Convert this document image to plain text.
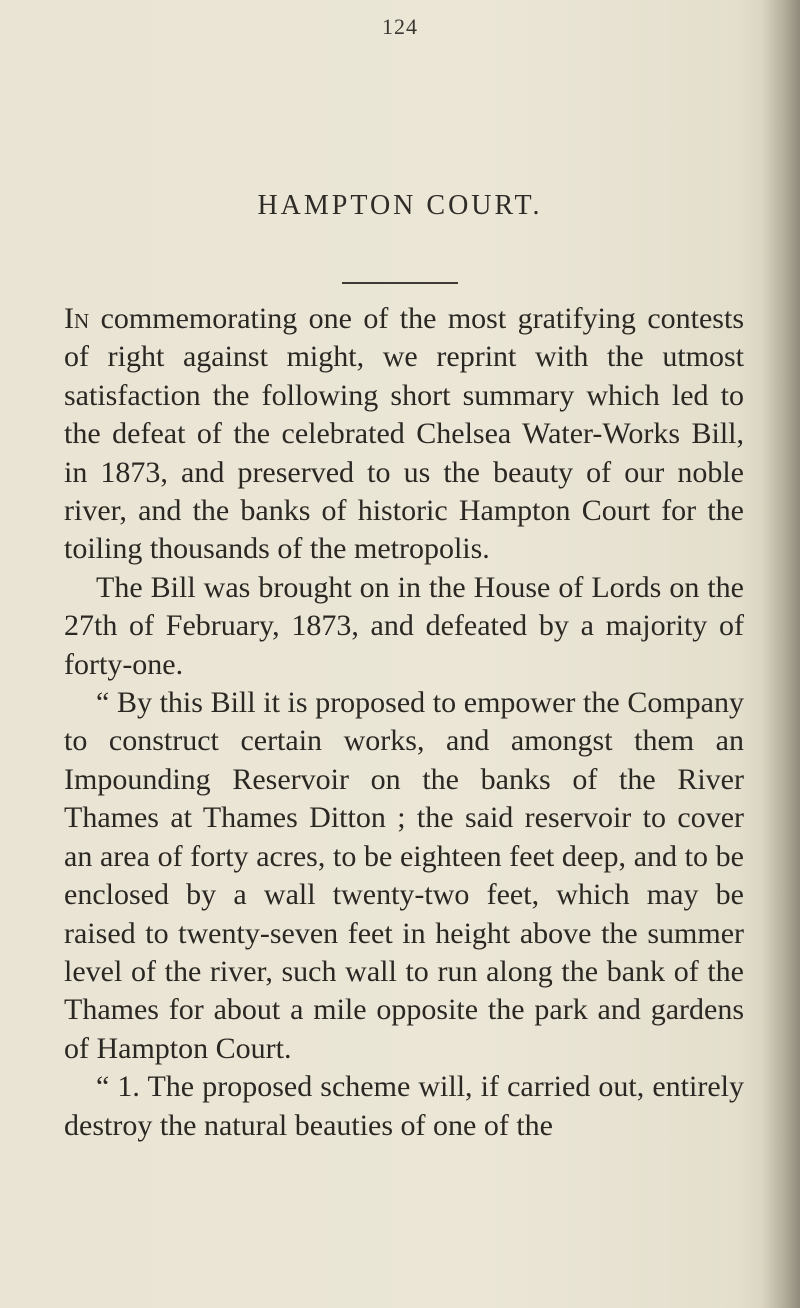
124
HAMPTON COURT.

In commemorating one of the most gratifying contests of right against might, we reprint with the utmost satisfaction the following short summary which led to the defeat of the celebrated Chelsea Water-Works Bill, in 1873, and preserved to us the beauty of our noble river, and the banks of historic Hampton Court for the toiling thousands of the metropolis.

The Bill was brought on in the House of Lords on the 27th of February, 1873, and defeated by a majority of forty-one.

“ By this Bill it is proposed to empower the Company to construct certain works, and amongst them an Impounding Reservoir on the banks of the River Thames at Thames Ditton ; the said reservoir to cover an area of forty acres, to be eighteen feet deep, and to be enclosed by a wall twenty-two feet, which may be raised to twenty-seven feet in height above the summer level of the river, such wall to run along the bank of the Thames for about a mile opposite the park and gardens of Hampton Court.

“ 1. The proposed scheme will, if carried out, entirely destroy the natural beauties of one of the
